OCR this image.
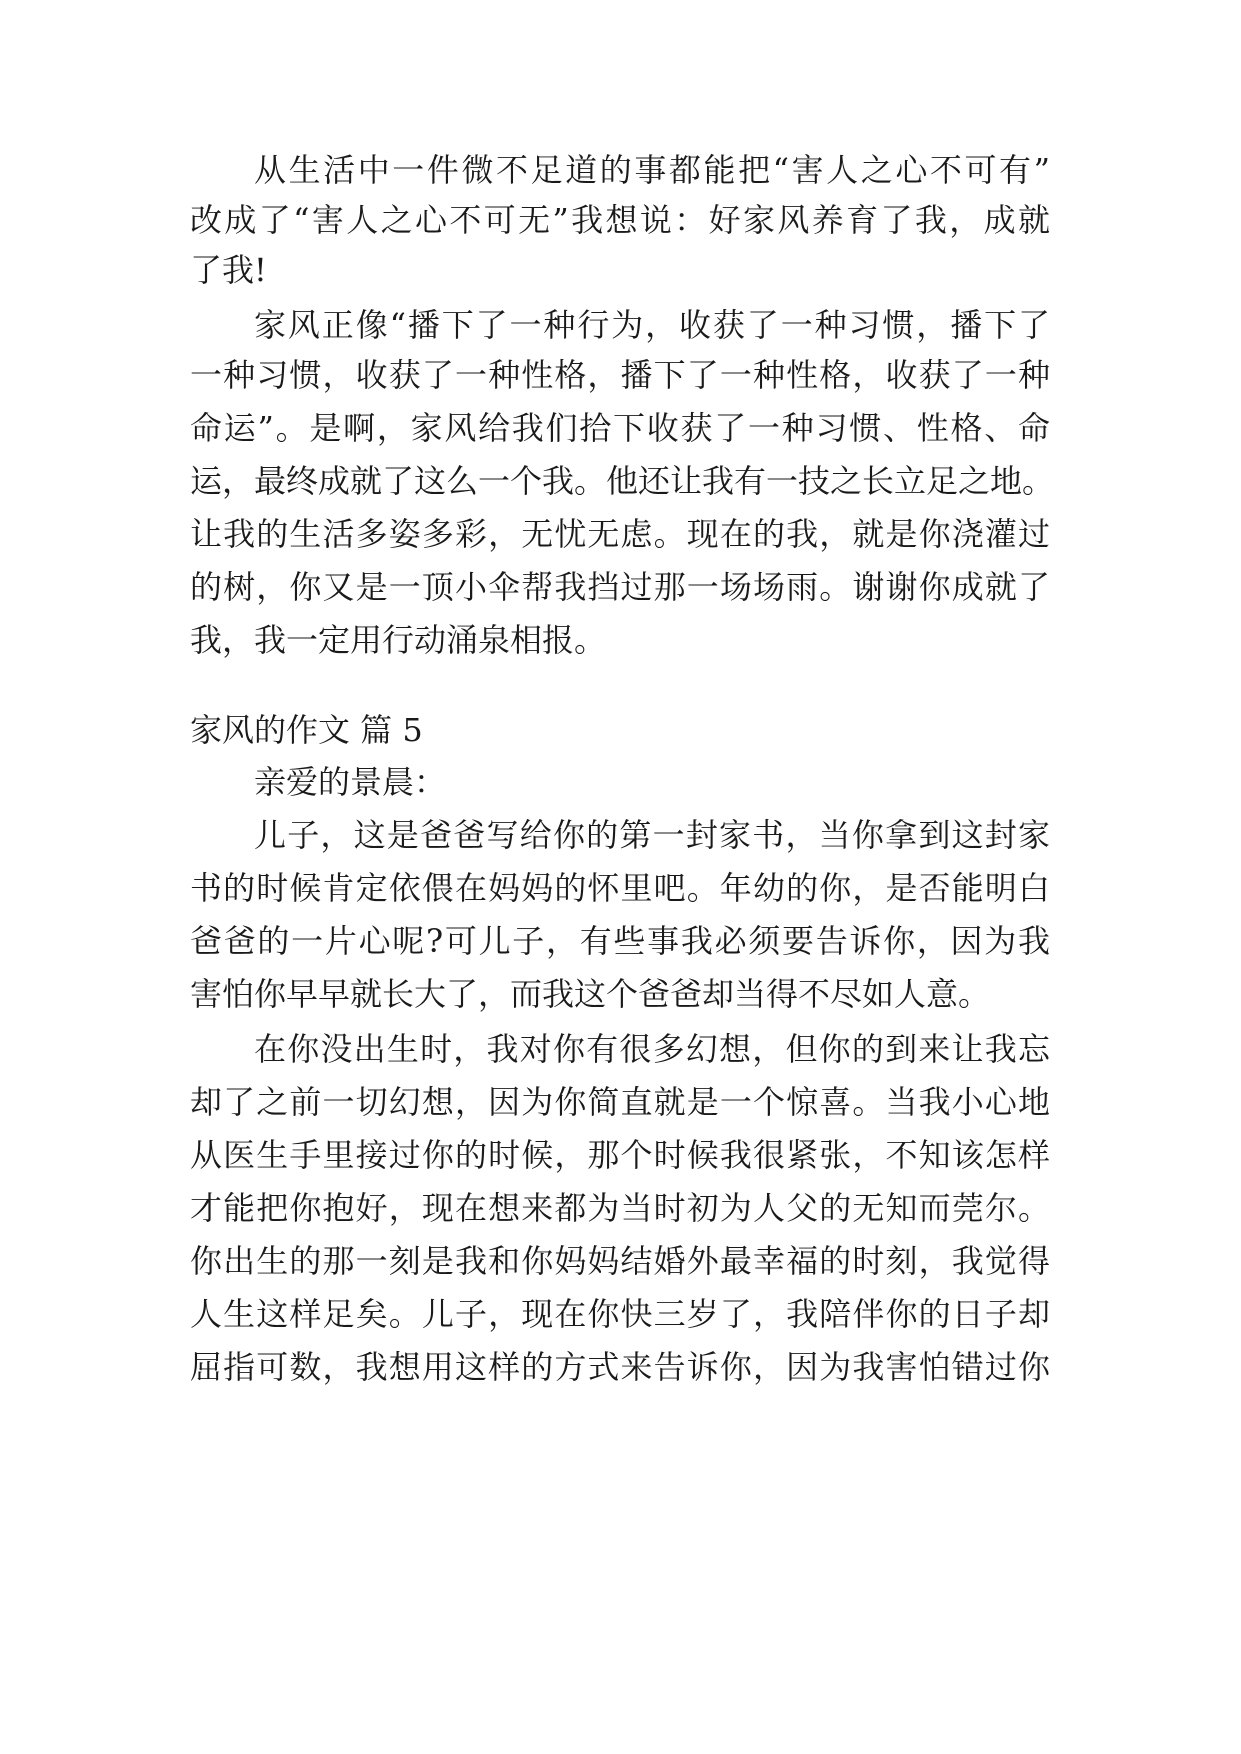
从生活中一件微不足道的事都能把“害人之心不可有”

改成了“害人之心不可无”我想说：好家风养育了我，成就

了我!

家风正像“播下了一种行为，收获了一种习惯，播下了

一种习惯，收获了一种性格，播下了一种性格，收获了一种

命运”。是啊，家风给我们拾下收获了一种习惯、性格、命

运，最终成就了这么一个我。他还让我有一技之长立足之地。

让我的生活多姿多彩，无忧无虑。现在的我，就是你浇灌过

的树，你又是一顶小伞帮我挡过那一场场雨。谢谢你成就了

我，我一定用行动涌泉相报。

家风的作文 篇 5

亲爱的景晨：

儿子，这是爸爸写给你的第一封家书，当你拿到这封家

书的时候肯定依偎在妈妈的怀里吧。年幼的你，是否能明白

爸爸的一片心呢?可儿子，有些事我必须要告诉你，因为我

害怕你早早就长大了，而我这个爸爸却当得不尽如人意。

在你没出生时，我对你有很多幻想，但你的到来让我忘

却了之前一切幻想，因为你简直就是一个惊喜。当我小心地

从医生手里接过你的时候，那个时候我很紧张，不知该怎样

才能把你抱好，现在想来都为当时初为人父的无知而莞尔。

你出生的那一刻是我和你妈妈结婚外最幸福的时刻，我觉得

人生这样足矣。儿子，现在你快三岁了，我陪伴你的日子却

屈指可数，我想用这样的方式来告诉你，因为我害怕错过你
